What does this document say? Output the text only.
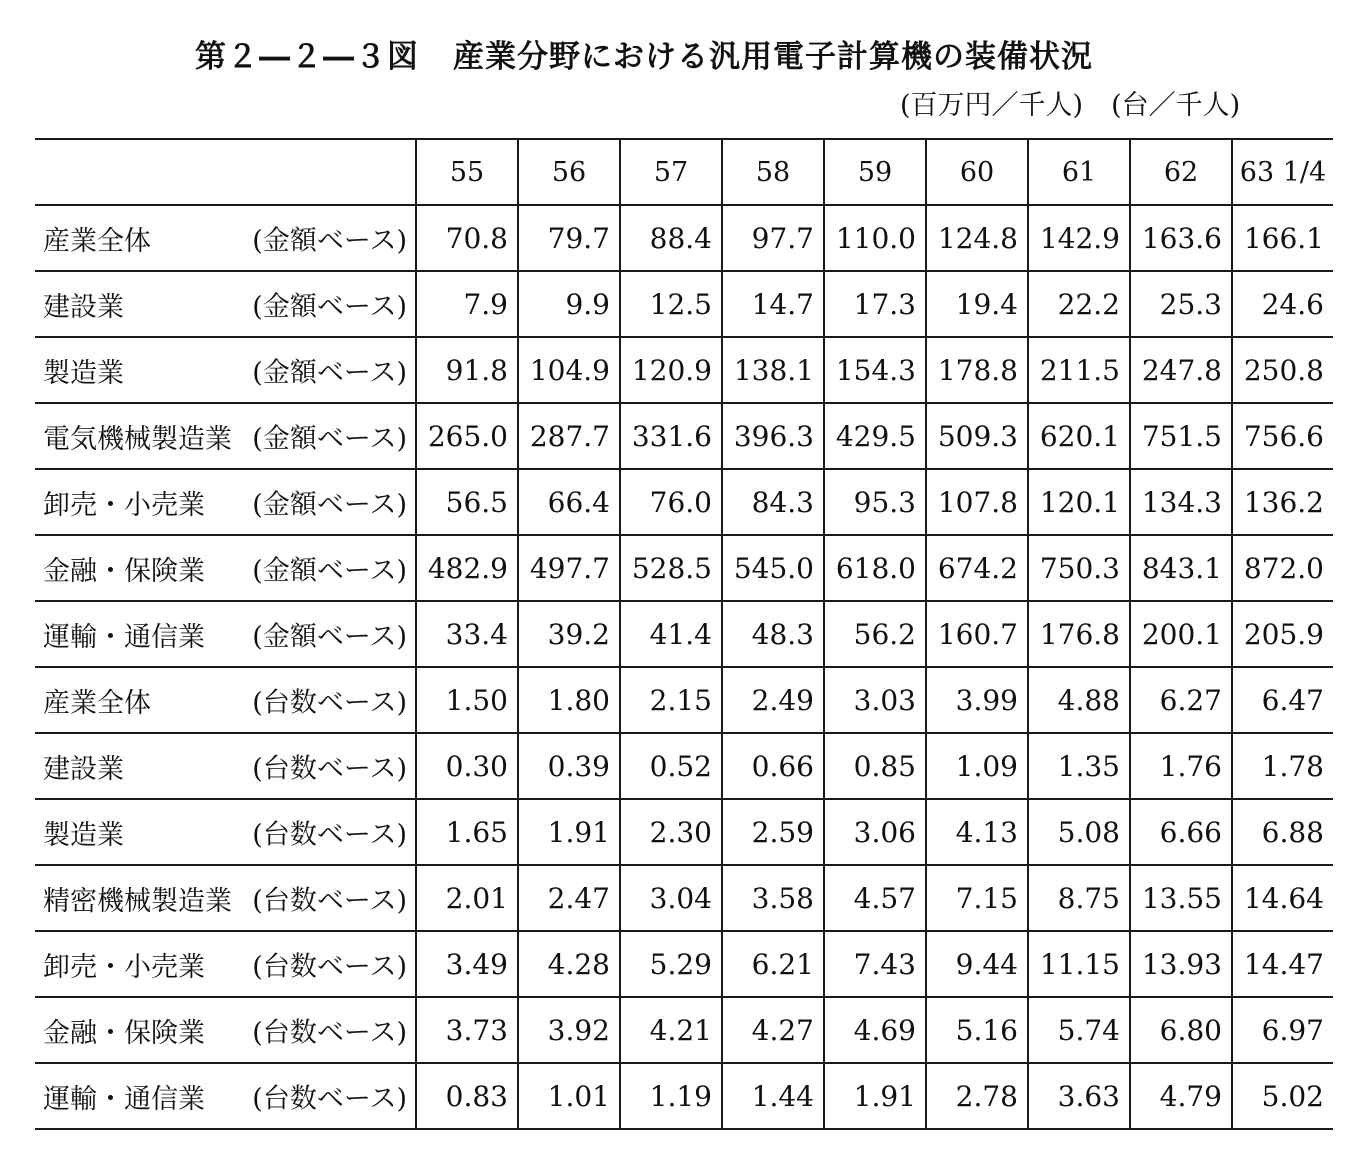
第２―２―３図 産業分野における汎用電子計算機の装備状況
(百万円／千人) (台／千人)
	55	56	57	58	59	60	61	62	63 1/4
産業全体 (金額ベース)	70.8	79.7	88.4	97.7	110.0	124.8	142.9	163.6	166.1
建設業 (金額ベース)	7.9	9.9	12.5	14.7	17.3	19.4	22.2	25.3	24.6
製造業 (金額ベース)	91.8	104.9	120.9	138.1	154.3	178.8	211.5	247.8	250.8
電気機械製造業 (金額ベース)	265.0	287.7	331.6	396.3	429.5	509.3	620.1	751.5	756.6
卸売・小売業 (金額ベース)	56.5	66.4	76.0	84.3	95.3	107.8	120.1	134.3	136.2
金融・保険業 (金額ベース)	482.9	497.7	528.5	545.0	618.0	674.2	750.3	843.1	872.0
運輸・通信業 (金額ベース)	33.4	39.2	41.4	48.3	56.2	160.7	176.8	200.1	205.9
産業全体 (台数ベース)	1.50	1.80	2.15	2.49	3.03	3.99	4.88	6.27	6.47
建設業 (台数ベース)	0.30	0.39	0.52	0.66	0.85	1.09	1.35	1.76	1.78
製造業 (台数ベース)	1.65	1.91	2.30	2.59	3.06	4.13	5.08	6.66	6.88
精密機械製造業 (台数ベース)	2.01	2.47	3.04	3.58	4.57	7.15	8.75	13.55	14.64
卸売・小売業 (台数ベース)	3.49	4.28	5.29	6.21	7.43	9.44	11.15	13.93	14.47
金融・保険業 (台数ベース)	3.73	3.92	4.21	4.27	4.69	5.16	5.74	6.80	6.97
運輸・通信業 (台数ベース)	0.83	1.01	1.19	1.44	1.91	2.78	3.63	4.79	5.02
